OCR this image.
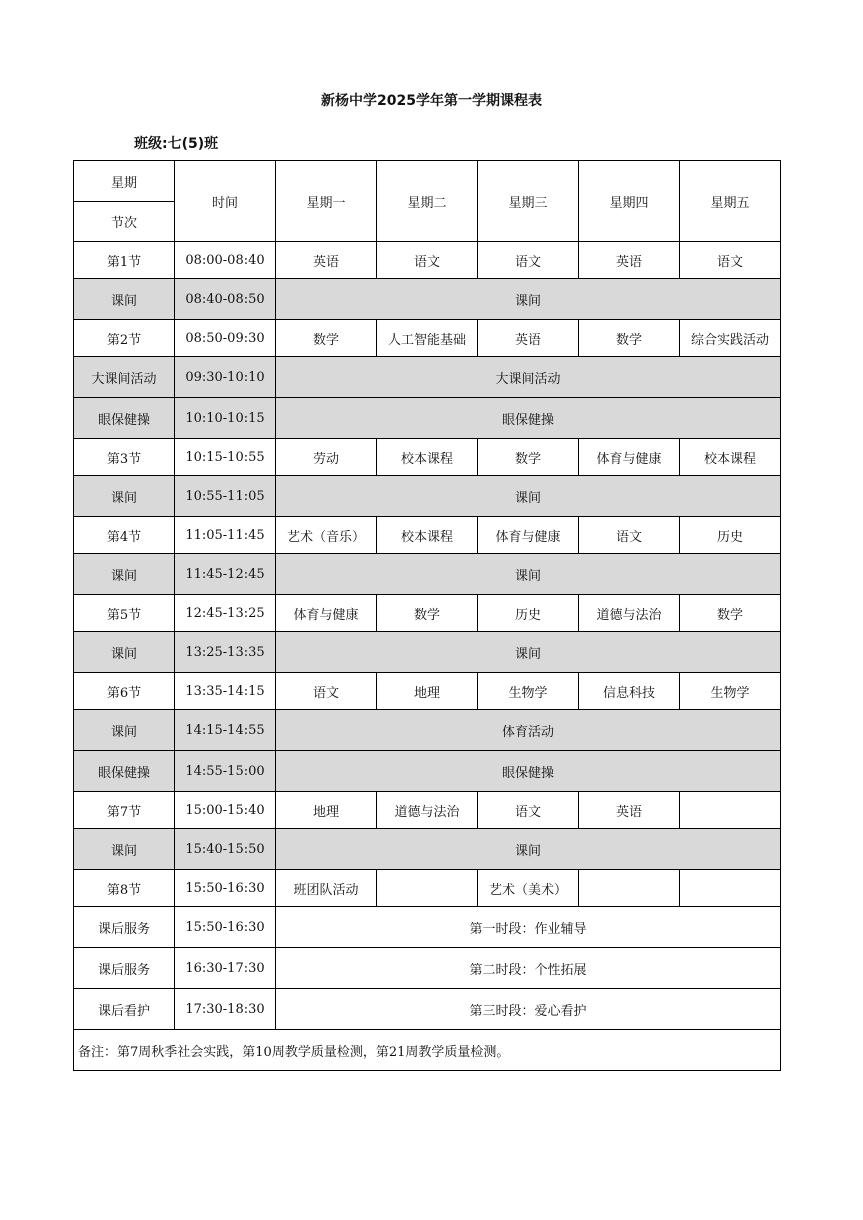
新杨中学2025学年第一学期课程表
班级:七(5)班
星期	时间	星期一	星期二	星期三	星期四	星期五
节次						
第1节	08:00-08:40	英语	语文	语文	英语	语文
课间	08:40-08:50	课间				
第2节	08:50-09:30	数学	人工智能基础	英语	数学	综合实践活动
大课间活动	09:30-10:10	大课间活动				
眼保健操	10:10-10:15	眼保健操				
第3节	10:15-10:55	劳动	校本课程	数学	体育与健康	校本课程
课间	10:55-11:05	课间				
第4节	11:05-11:45	艺术（音乐）	校本课程	体育与健康	语文	历史
课间	11:45-12:45	课间				
第5节	12:45-13:25	体育与健康	数学	历史	道德与法治	数学
课间	13:25-13:35	课间				
第6节	13:35-14:15	语文	地理	生物学	信息科技	生物学
课间	14:15-14:55	体育活动				
眼保健操	14:55-15:00	眼保健操				
第7节	15:00-15:40	地理	道德与法治	语文	英语	
课间	15:40-15:50	课间				
第8节	15:50-16:30	班团队活动		艺术（美术）		
课后服务	15:50-16:30	第一时段：作业辅导				
课后服务	16:30-17:30	第二时段：个性拓展				
课后看护	17:30-18:30	第三时段：爱心看护				
备注：第7周秋季社会实践，第10周教学质量检测，第21周教学质量检测。						
